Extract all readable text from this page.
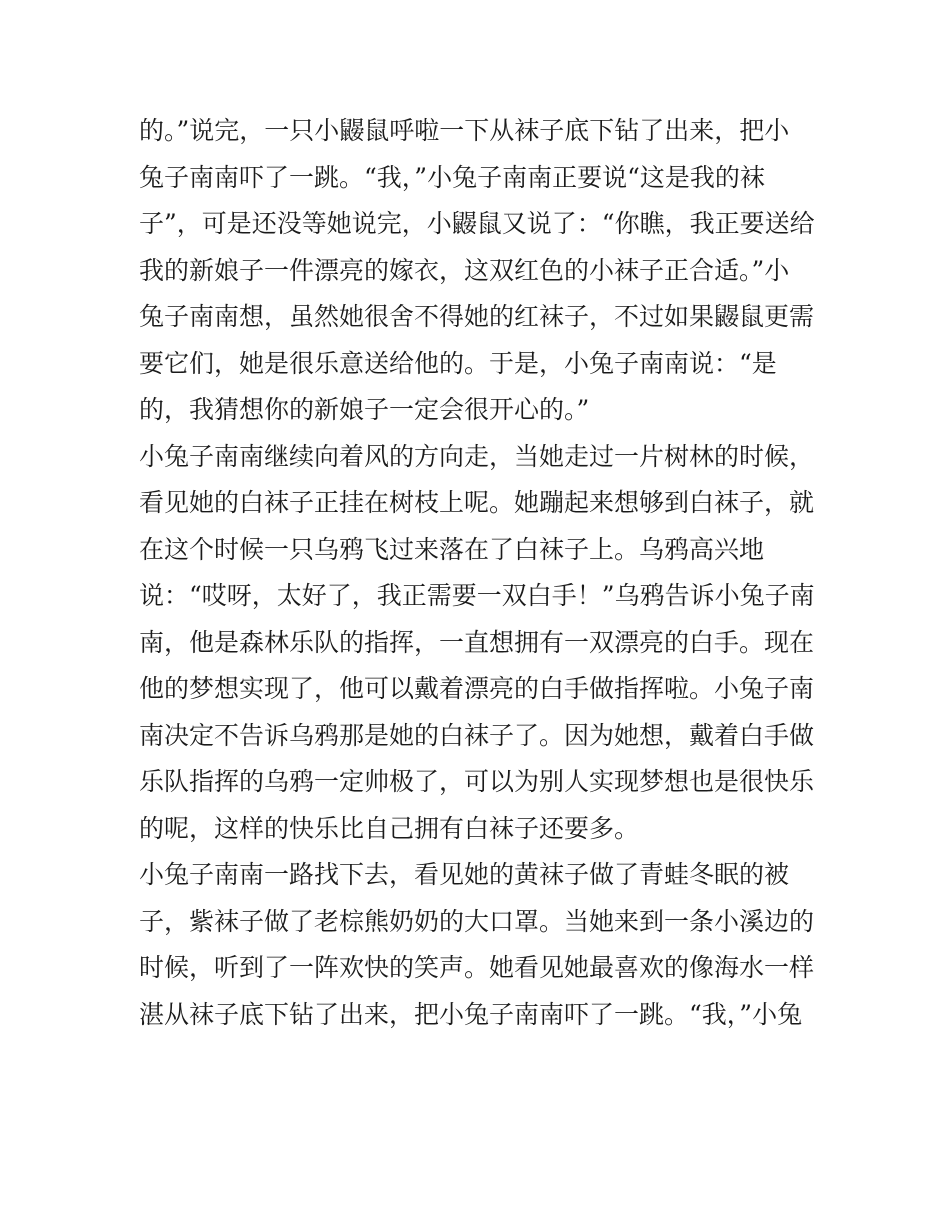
的。”说完，一只小鼹鼠呼啦一下从袜子底下钻了出来，把小
兔子南南吓了一跳。“我，”小兔子南南正要说“这是我的袜
子”，可是还没等她说完，小鼹鼠又说了：“你瞧，我正要送给
我的新娘子一件漂亮的嫁衣，这双红色的小袜子正合适。”小
兔子南南想，虽然她很舍不得她的红袜子，不过如果鼹鼠更需
要它们，她是很乐意送给他的。于是，小兔子南南说：“是
的，我猜想你的新娘子一定会很开心的。”
小兔子南南继续向着风的方向走，当她走过一片树林的时候，
看见她的白袜子正挂在树枝上呢。她蹦起来想够到白袜子，就
在这个时候一只乌鸦飞过来落在了白袜子上。乌鸦高兴地
说：“哎呀，太好了，我正需要一双白手！”乌鸦告诉小兔子南
南，他是森林乐队的指挥，一直想拥有一双漂亮的白手。现在
他的梦想实现了，他可以戴着漂亮的白手做指挥啦。小兔子南
南决定不告诉乌鸦那是她的白袜子了。因为她想，戴着白手做
乐队指挥的乌鸦一定帅极了，可以为别人实现梦想也是很快乐
的呢，这样的快乐比自己拥有白袜子还要多。
小兔子南南一路找下去，看见她的黄袜子做了青蛙冬眠的被
子，紫袜子做了老棕熊奶奶的大口罩。当她来到一条小溪边的
时候，听到了一阵欢快的笑声。她看见她最喜欢的像海水一样
湛从袜子底下钻了出来，把小兔子南南吓了一跳。“我，”小兔
